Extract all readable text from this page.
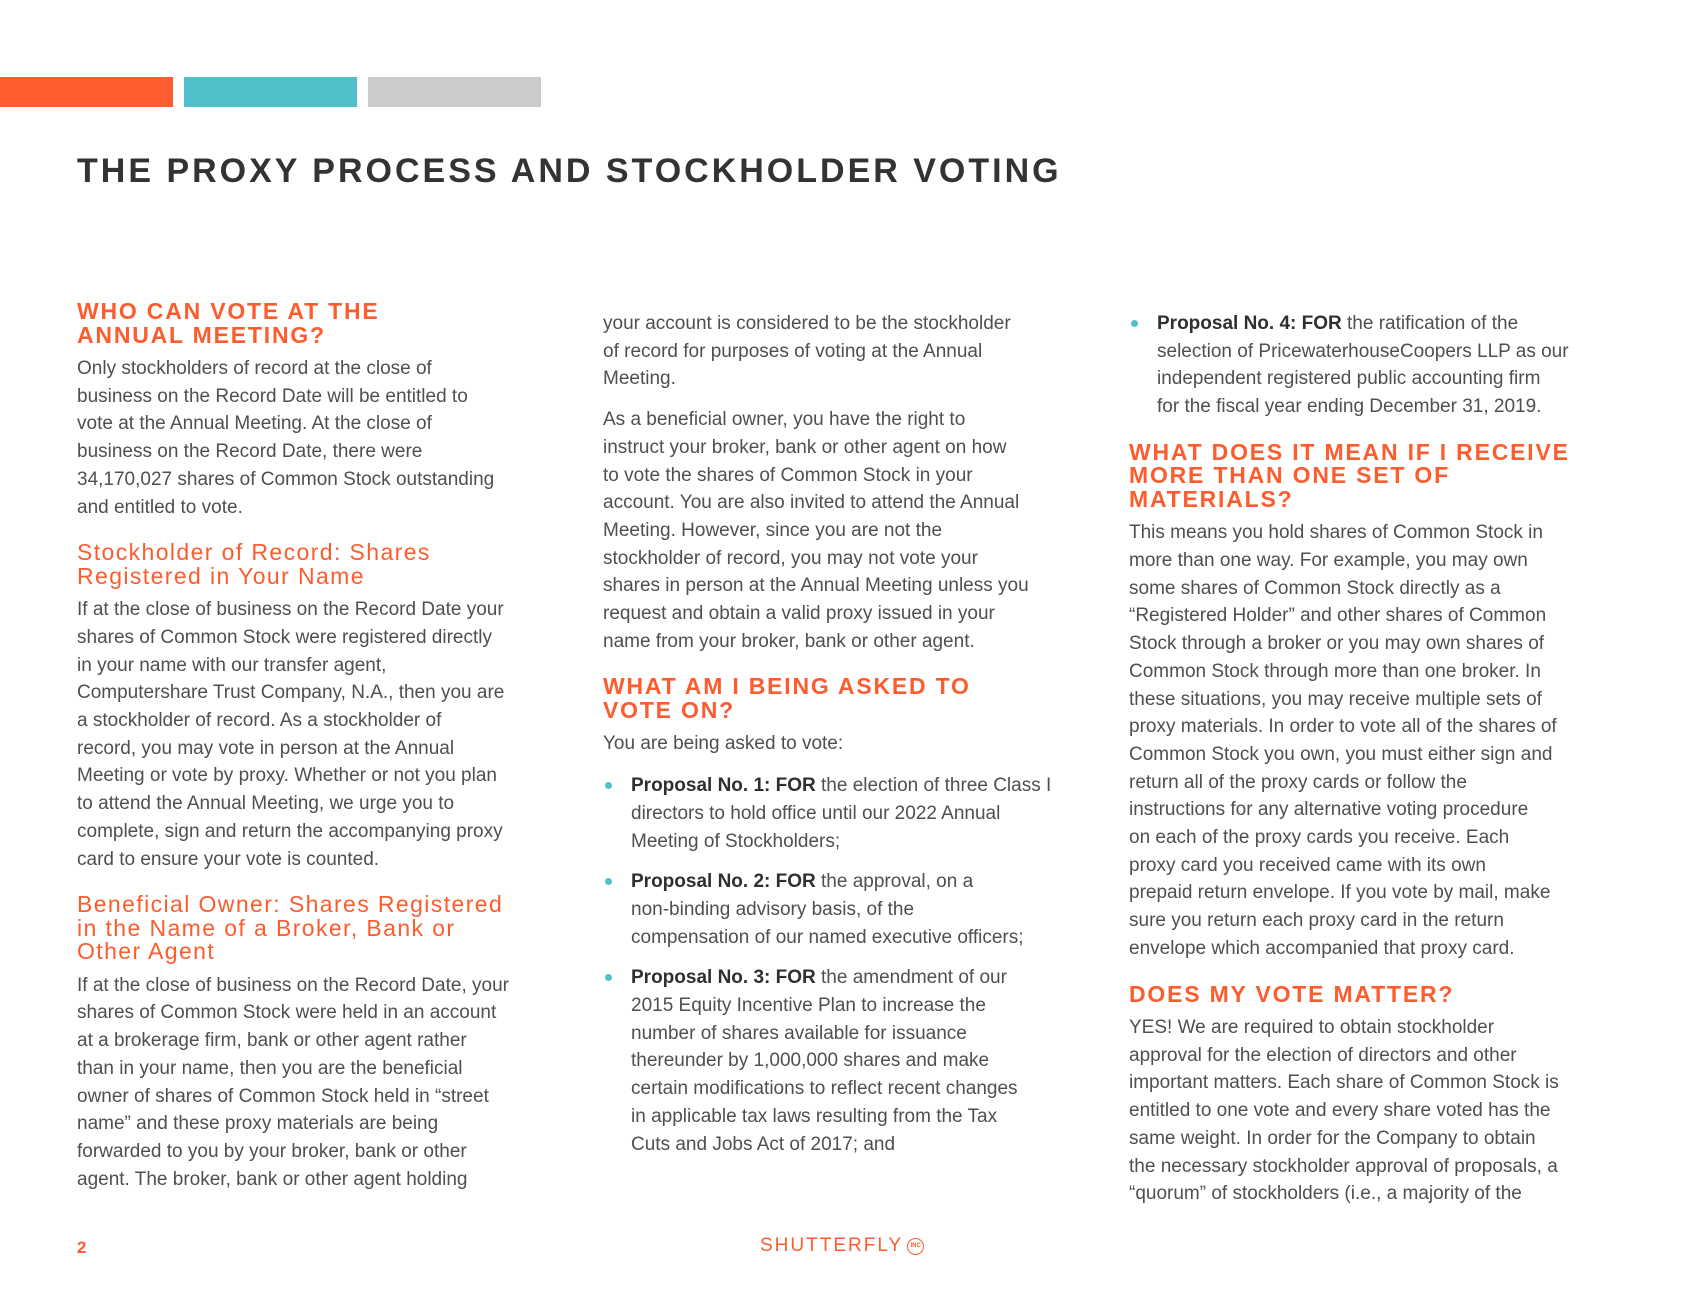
THE PROXY PROCESS AND STOCKHOLDER VOTING
WHO CAN VOTE AT THE
ANNUAL MEETING?

Only stockholders of record at the close of
business on the Record Date will be entitled to
vote at the Annual Meeting. At the close of
business on the Record Date, there were
34,170,027 shares of Common Stock outstanding
and entitled to vote.

Stockholder of Record: Shares
Registered in Your Name

If at the close of business on the Record Date your
shares of Common Stock were registered directly
in your name with our transfer agent,
Computershare Trust Company, N.A., then you are
a stockholder of record. As a stockholder of
record, you may vote in person at the Annual
Meeting or vote by proxy. Whether or not you plan
to attend the Annual Meeting, we urge you to
complete, sign and return the accompanying proxy
card to ensure your vote is counted.

Beneficial Owner: Shares Registered
in the Name of a Broker, Bank or
Other Agent

If at the close of business on the Record Date, your
shares of Common Stock were held in an account
at a brokerage firm, bank or other agent rather
than in your name, then you are the beneficial
owner of shares of Common Stock held in “street
name” and these proxy materials are being
forwarded to you by your broker, bank or other
agent. The broker, bank or other agent holding

your account is considered to be the stockholder
of record for purposes of voting at the Annual
Meeting.

As a beneficial owner, you have the right to
instruct your broker, bank or other agent on how
to vote the shares of Common Stock in your
account. You are also invited to attend the Annual
Meeting. However, since you are not the
stockholder of record, you may not vote your
shares in person at the Annual Meeting unless you
request and obtain a valid proxy issued in your
name from your broker, bank or other agent.

WHAT AM I BEING ASKED TO
VOTE ON?

You are being asked to vote:

Proposal No. 1: FOR the election of three Class I
directors to hold office until our 2022 Annual
Meeting of Stockholders;

Proposal No. 2: FOR the approval, on a
non-binding advisory basis, of the
compensation of our named executive officers;

Proposal No. 3: FOR the amendment of our
2015 Equity Incentive Plan to increase the
number of shares available for issuance
thereunder by 1,000,000 shares and make
certain modifications to reflect recent changes
in applicable tax laws resulting from the Tax
Cuts and Jobs Act of 2017; and

Proposal No. 4: FOR the ratification of the
selection of PricewaterhouseCoopers LLP as our
independent registered public accounting firm
for the fiscal year ending December 31, 2019.

WHAT DOES IT MEAN IF I RECEIVE
MORE THAN ONE SET OF
MATERIALS?

This means you hold shares of Common Stock in
more than one way. For example, you may own
some shares of Common Stock directly as a
“Registered Holder” and other shares of Common
Stock through a broker or you may own shares of
Common Stock through more than one broker. In
these situations, you may receive multiple sets of
proxy materials. In order to vote all of the shares of
Common Stock you own, you must either sign and
return all of the proxy cards or follow the
instructions for any alternative voting procedure
on each of the proxy cards you receive. Each
proxy card you received came with its own
prepaid return envelope. If you vote by mail, make
sure you return each proxy card in the return
envelope which accompanied that proxy card.

DOES MY VOTE MATTER?

YES! We are required to obtain stockholder
approval for the election of directors and other
important matters. Each share of Common Stock is
entitled to one vote and every share voted has the
same weight. In order for the Company to obtain
the necessary stockholder approval of proposals, a
“quorum” of stockholders (i.e., a majority of the

2	SHUTTERFLY	INC
